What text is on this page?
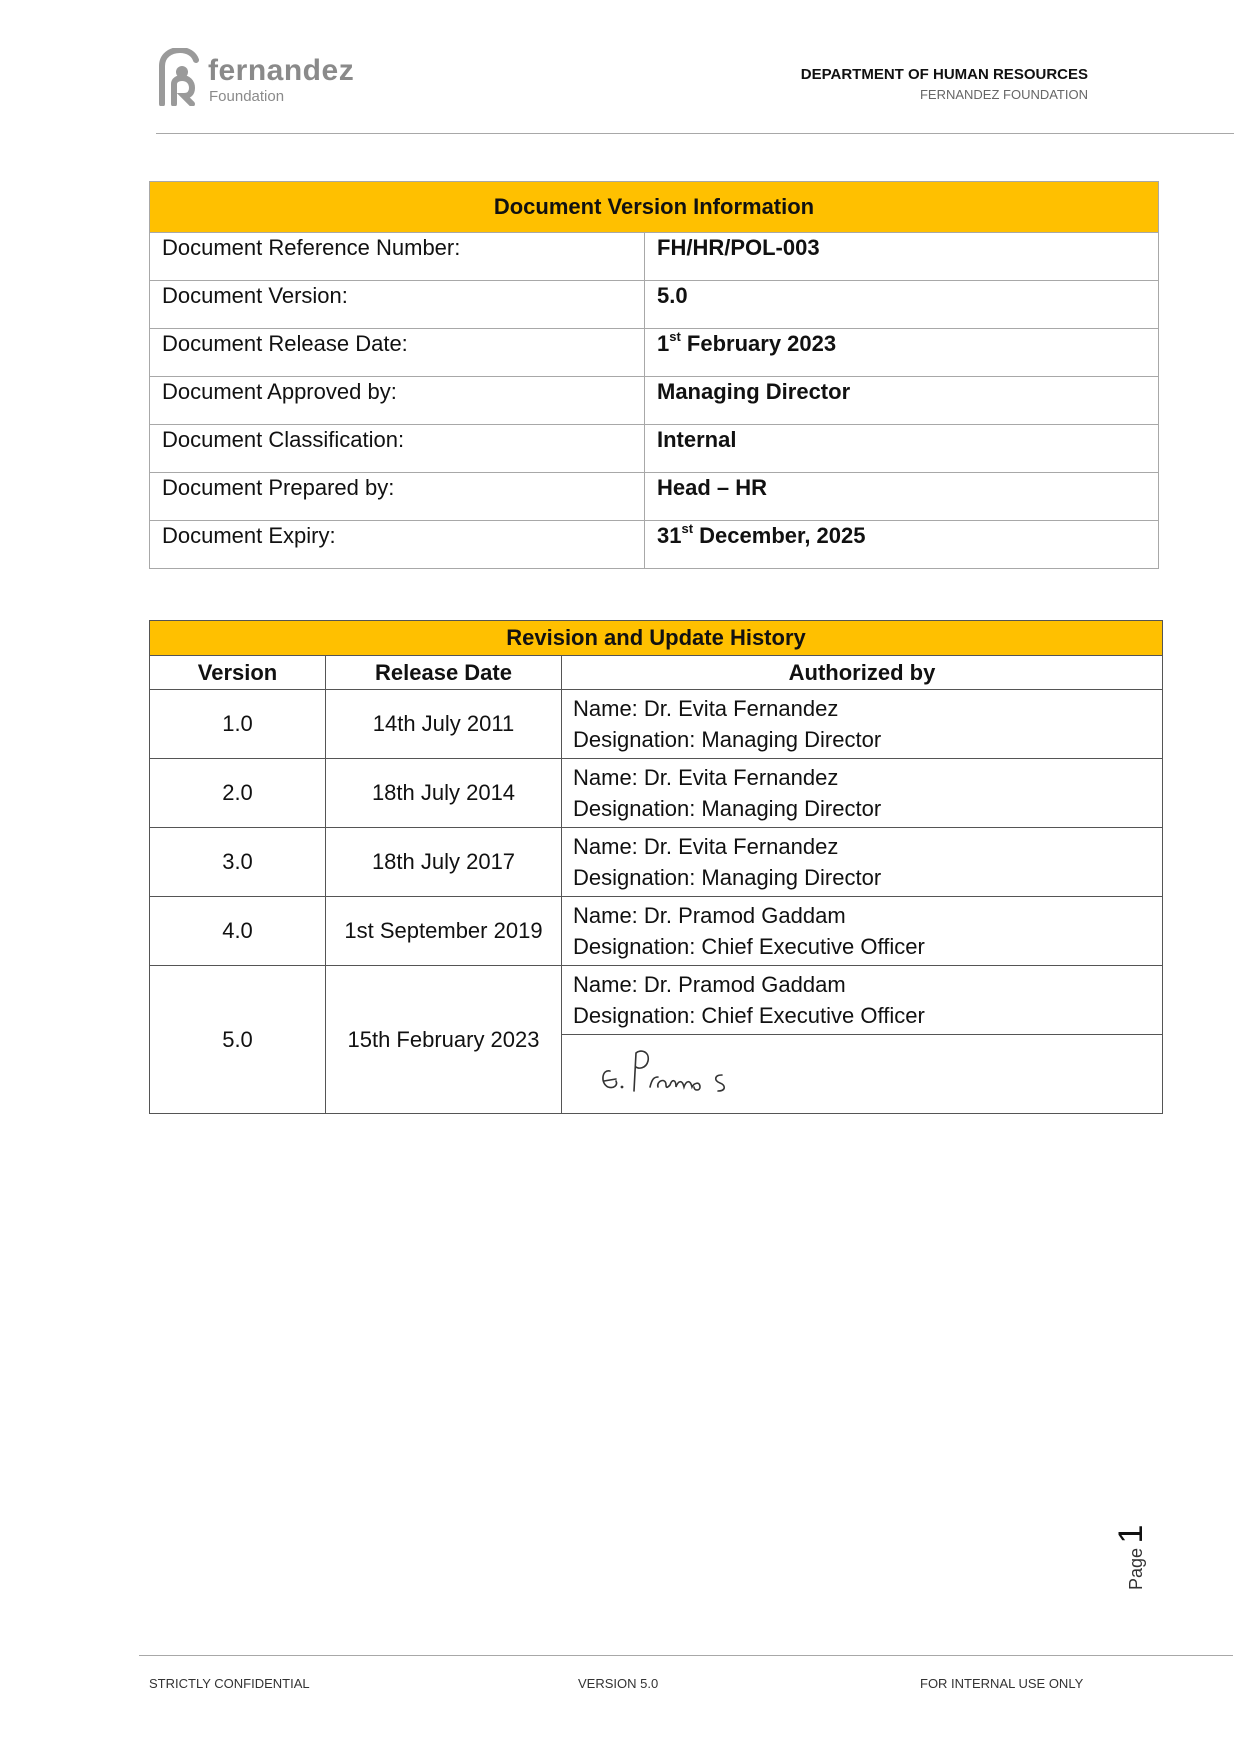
fernandez
Foundation
DEPARTMENT OF HUMAN RESOURCES
FERNANDEZ FOUNDATION
Document Version Information	
Document Reference Number:	FH/HR/POL-003
Document Version:	5.0
Document Release Date:	1st February 2023
Document Approved by:	Managing Director
Document Classification:	Internal
Document Prepared by:	Head – HR
Document Expiry:	31st December, 2025
Revision and Update History		
Version	Release Date	Authorized by
1.0	14th July 2011	Name: Dr. Evita Fernandez
Designation: Managing Director

2.0	18th July 2014	Name: Dr. Evita Fernandez
Designation: Managing Director

3.0	18th July 2017	Name: Dr. Evita Fernandez
Designation: Managing Director

4.0	1st September 2019	Name: Dr. Pramod Gaddam
Designation: Chief Executive Officer

5.0	15th February 2023	Name: Dr. Pramod Gaddam
Designation: Chief Executive Officer

Page 1
STRICTLY CONFIDENTIAL	VERSION 5.0	FOR INTERNAL USE ONLY
